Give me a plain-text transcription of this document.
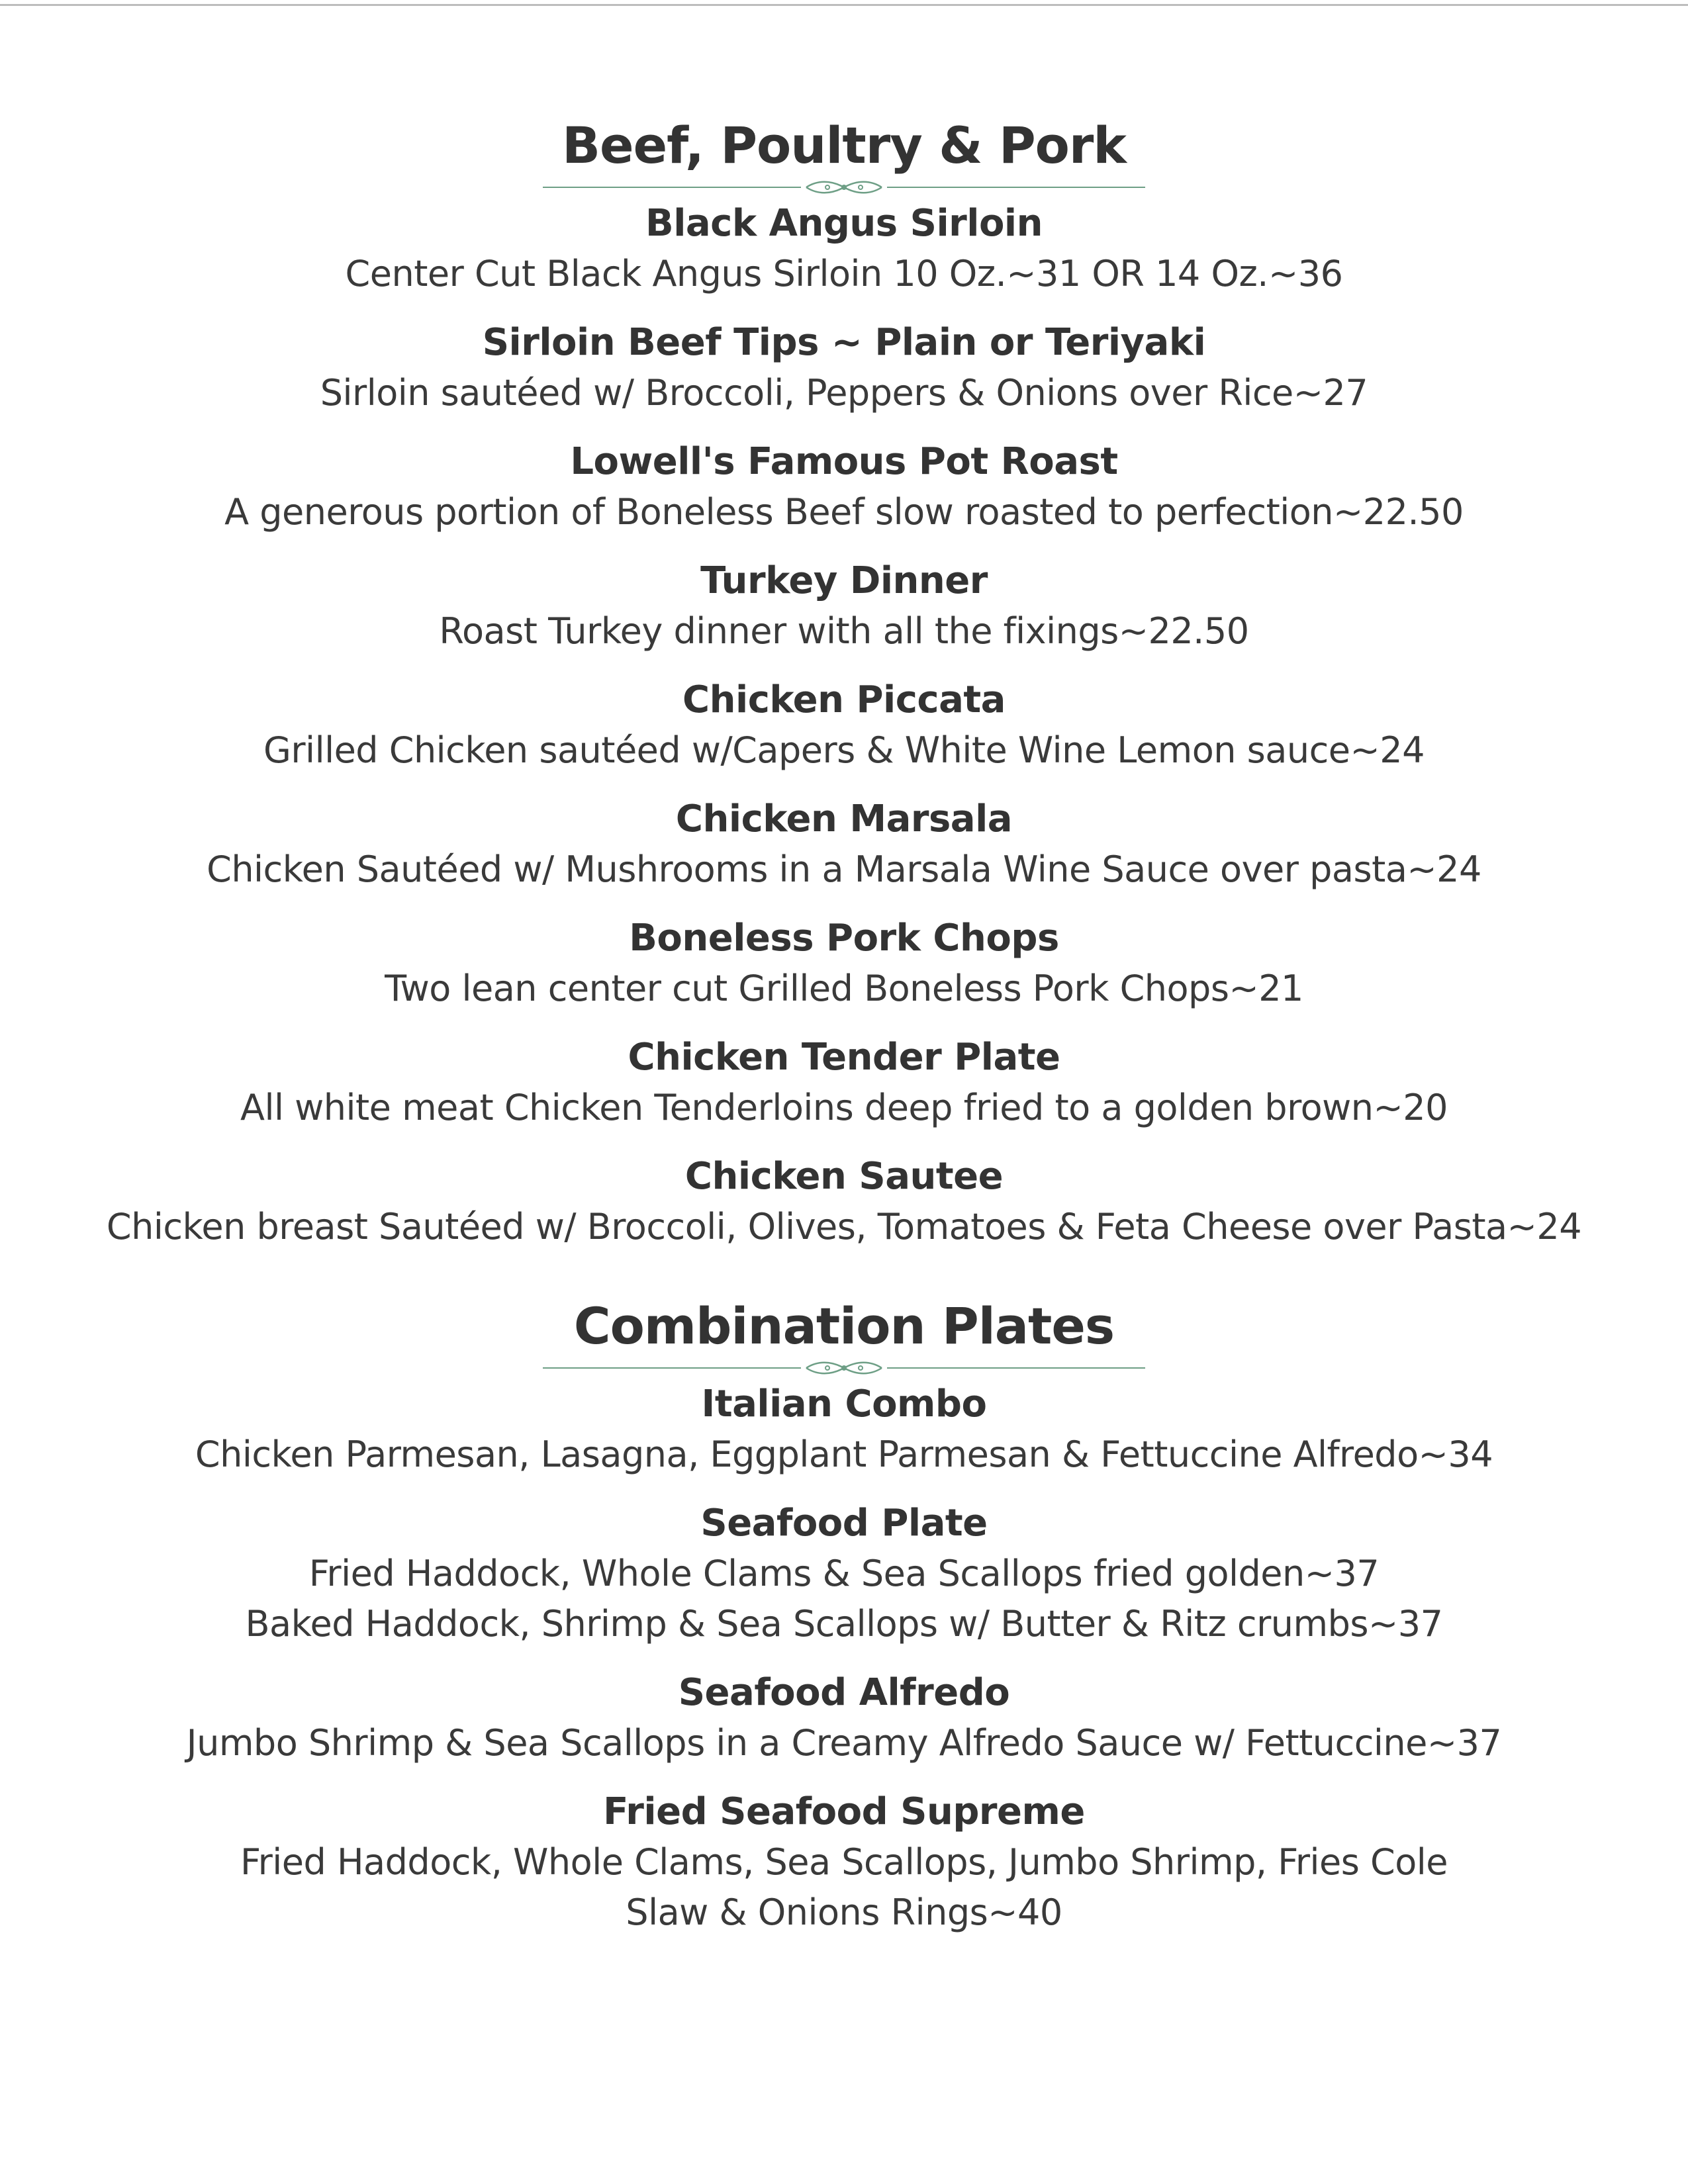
Beef, Poultry & Pork
Black Angus Sirloin
Center Cut Black Angus Sirloin 10 Oz.~31 OR 14 Oz.~36
Sirloin Beef Tips ~ Plain or Teriyaki
Sirloin sautéed w/ Broccoli, Peppers & Onions over Rice~27
Lowell's Famous Pot Roast
A generous portion of Boneless Beef slow roasted to perfection~22.50
Turkey Dinner
Roast Turkey dinner with all the fixings~22.50
Chicken Piccata
Grilled Chicken sautéed w/Capers & White Wine Lemon sauce~24
Chicken Marsala
Chicken Sautéed w/ Mushrooms in a Marsala Wine Sauce over pasta~24
Boneless Pork Chops
Two lean center cut Grilled Boneless Pork Chops~21
Chicken Tender Plate
All white meat Chicken Tenderloins deep fried to a golden brown~20
Chicken Sautee
Chicken breast Sautéed w/ Broccoli, Olives, Tomatoes & Feta Cheese over Pasta~24
Combination Plates
Italian Combo
Chicken Parmesan, Lasagna, Eggplant Parmesan & Fettuccine Alfredo~34
Seafood Plate
Fried Haddock, Whole Clams & Sea Scallops fried golden~37
Baked Haddock, Shrimp & Sea Scallops w/ Butter & Ritz crumbs~37
Seafood Alfredo
Jumbo Shrimp & Sea Scallops in a Creamy Alfredo Sauce w/ Fettuccine~37
Fried Seafood Supreme
Fried Haddock, Whole Clams, Sea Scallops, Jumbo Shrimp, Fries Cole
Slaw & Onions Rings~40
